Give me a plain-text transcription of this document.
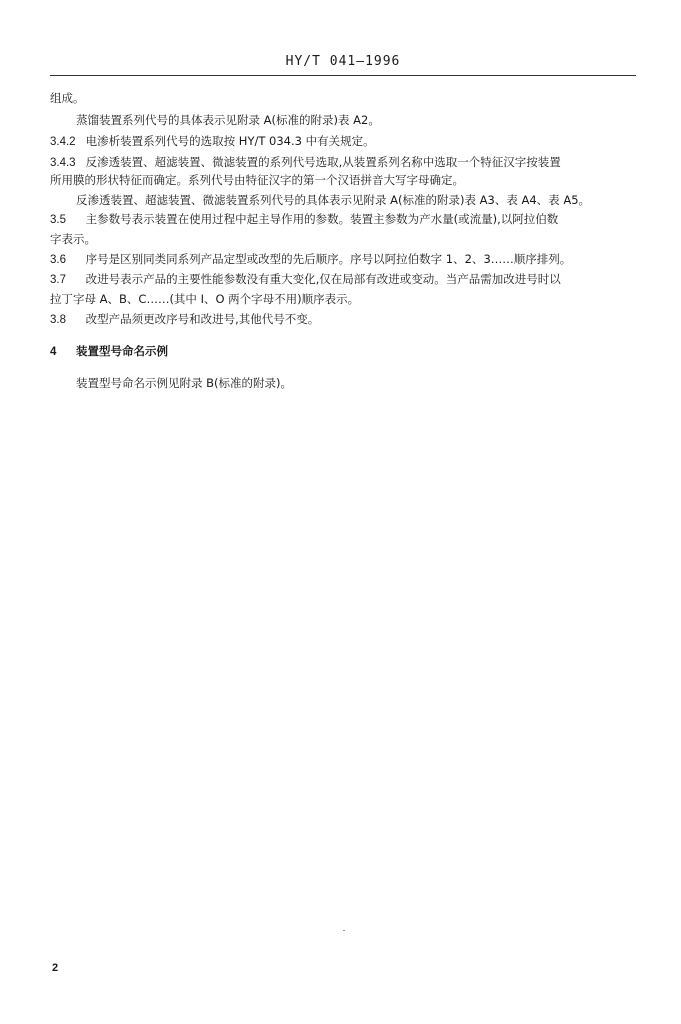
HY/T 041—1996
组成。
蒸馏装置系列代号的具体表示见附录 A(标准的附录)表 A2。
3.4.2 电渗析装置系列代号的选取按 HY/T 034.3 中有关规定。
3.4.3 反渗透装置、超滤装置、微滤装置的系列代号选取,从装置系列名称中选取一个特征汉字按装置
所用膜的形状特征而确定。系列代号由特征汉字的第一个汉语拼音大写字母确定。
反渗透装置、超滤装置、微滤装置系列代号的具体表示见附录 A(标准的附录)表 A3、表 A4、表 A5。
3.5 主参数号表示装置在使用过程中起主导作用的参数。装置主参数为产水量(或流量),以阿拉伯数
字表示。
3.6 序号是区别同类同系列产品定型或改型的先后顺序。序号以阿拉伯数字 1、2、3……顺序排列。
3.7 改进号表示产品的主要性能参数没有重大变化,仅在局部有改进或变动。当产品需加改进号时以
拉丁字母 A、B、C……(其中 I、O 两个字母不用)顺序表示。
3.8 改型产品须更改序号和改进号,其他代号不变。
4 装置型号命名示例
装置型号命名示例见附录 B(标准的附录)。
2
